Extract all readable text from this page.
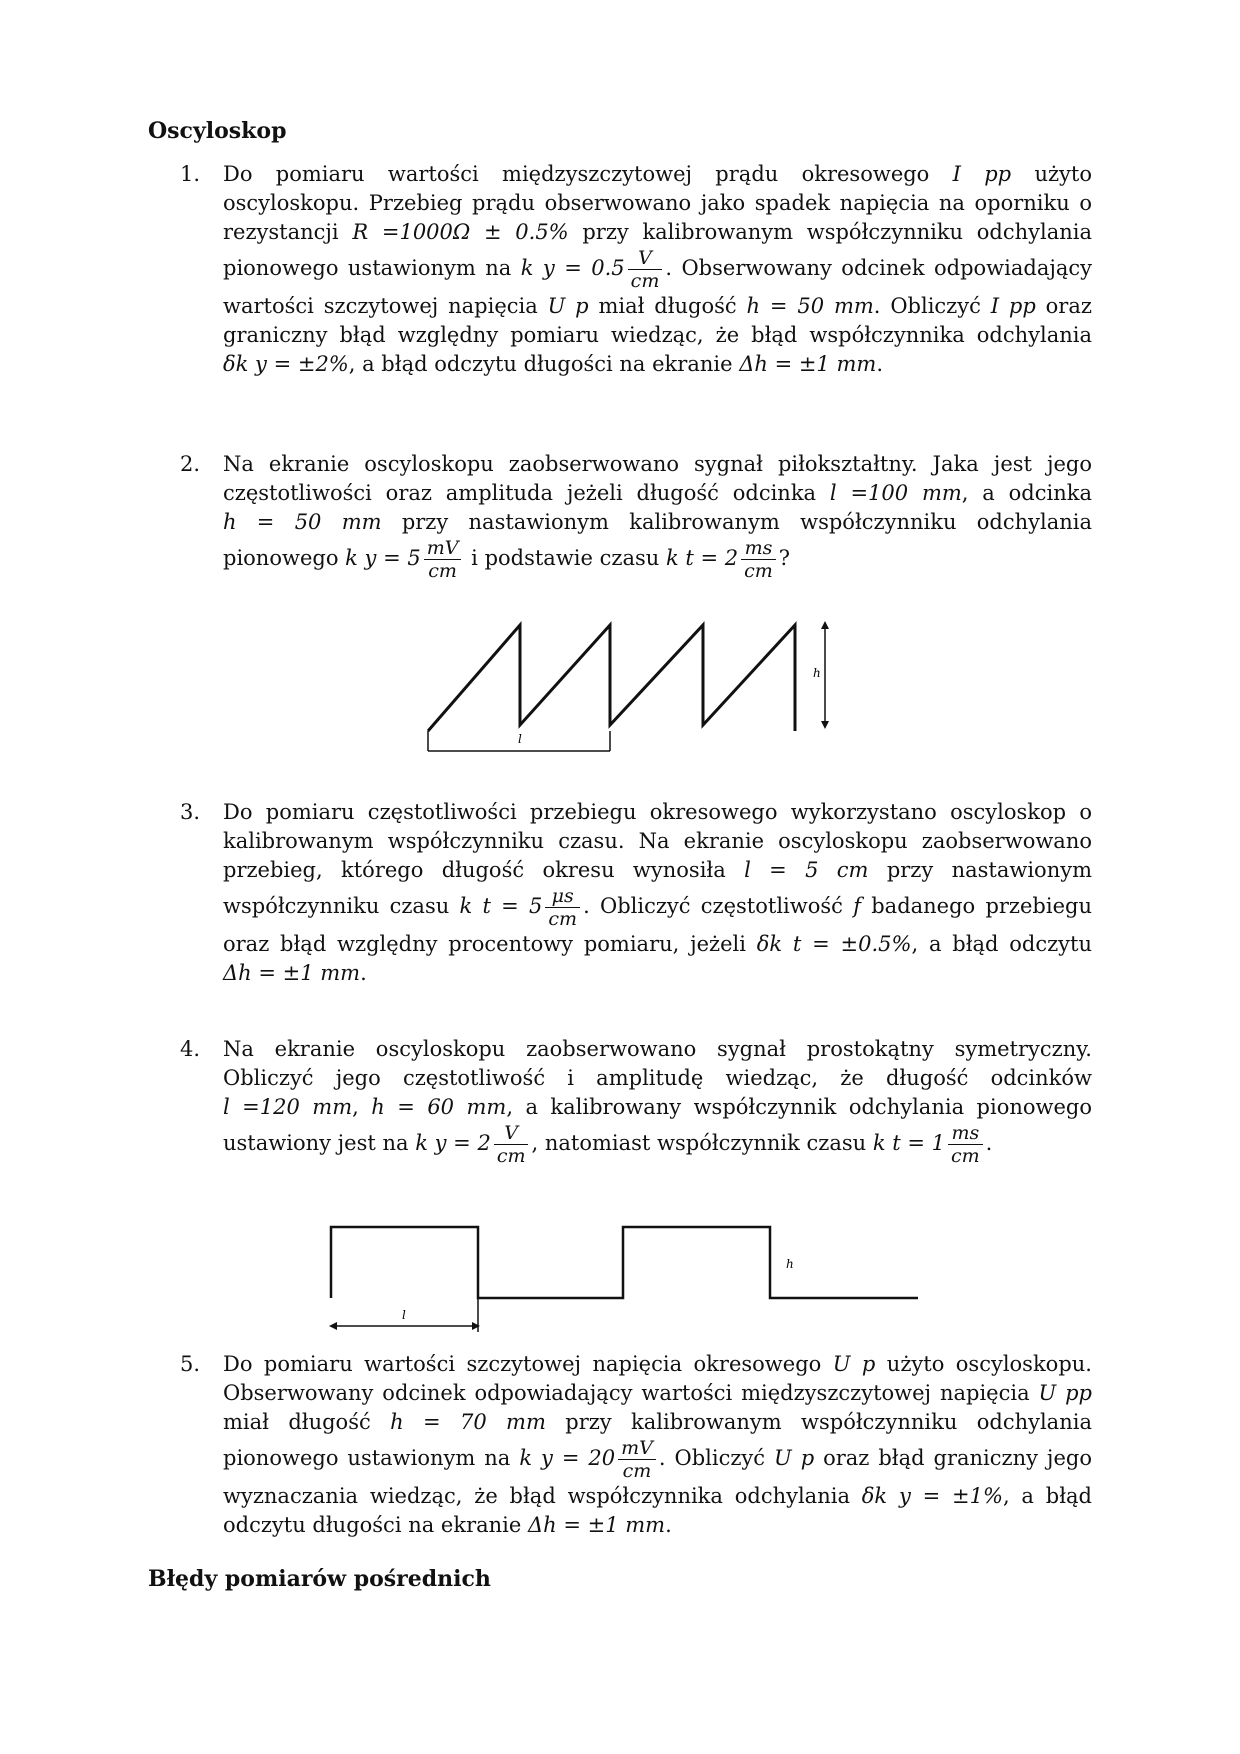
Oscyloskop
1.	Do pomiaru wartości międzyszczytowej prądu okresowego I pp użyto oscyloskopu. Przebieg prądu obserwowano jako spadek napięcia na oporniku o rezystancji R =1000Ω ± 0.5% przy kalibrowanym współczynniku odchylania pionowego ustawionym na k $y = 0.5 \frac{V}{cm}$ . Obserwowany odcinek odpowiadający wartości szczytowej napięcia U p miał długość h = 50 mm. Obliczyć I pp oraz graniczny błąd względny pomiaru wiedząc, że błąd współczynnika odchylania δk y = ±2%, a błąd odczytu długości na ekranie Δh = ±1 mm.
2.	Na ekranie oscyloskopu zaobserwowano sygnał piłokształtny. Jaka jest jego częstotliwości oraz amplituda jeżeli długość odcinka l =100 mm, a odcinka h = 50 mm przy nastawionym kalibrowanym współczynniku odchylania pionowego k $y = 5 \frac{mV}{cm}$ i podstawie czasu k $t = 2 \frac{ms}{cm}$ ?
l
h
3.	Do pomiaru częstotliwości przebiegu okresowego wykorzystano oscyloskop o kalibrowanym współczynniku czasu. Na ekranie oscyloskopu zaobserwowano przebieg, którego długość okresu wynosiła l = 5 cm przy nastawionym współczynniku czasu k $t = 5 \frac{\mu s}{cm}$ . Obliczyć częstotliwość f badanego przebiegu oraz błąd względny procentowy pomiaru, jeżeli δk t = ±0.5%, a błąd odczytu Δh = ±1 mm.
4.	Na ekranie oscyloskopu zaobserwowano sygnał prostokątny symetryczny. Obliczyć jego częstotliwość i amplitudę wiedząc, że długość odcinków l =120 mm, h = 60 mm, a kalibrowany współczynnik odchylania pionowego ustawiony jest na k $y = 2 \frac{V}{cm}$ , natomiast współczynnik czasu k $t = 1 \frac{ms}{cm}$ .
l
h
5.	Do pomiaru wartości szczytowej napięcia okresowego U p użyto oscyloskopu. Obserwowany odcinek odpowiadający wartości międzyszczytowej napięcia U pp miał długość h = 70 mm przy kalibrowanym współczynniku odchylania pionowego ustawionym na k $y = 20 \frac{mV}{cm}$ . Obliczyć U p oraz błąd graniczny jego wyznaczania wiedząc, że błąd współczynnika odchylania δk y = ±1%, a błąd odczytu długości na ekranie Δh = ±1 mm.
Błędy pomiarów pośrednich
